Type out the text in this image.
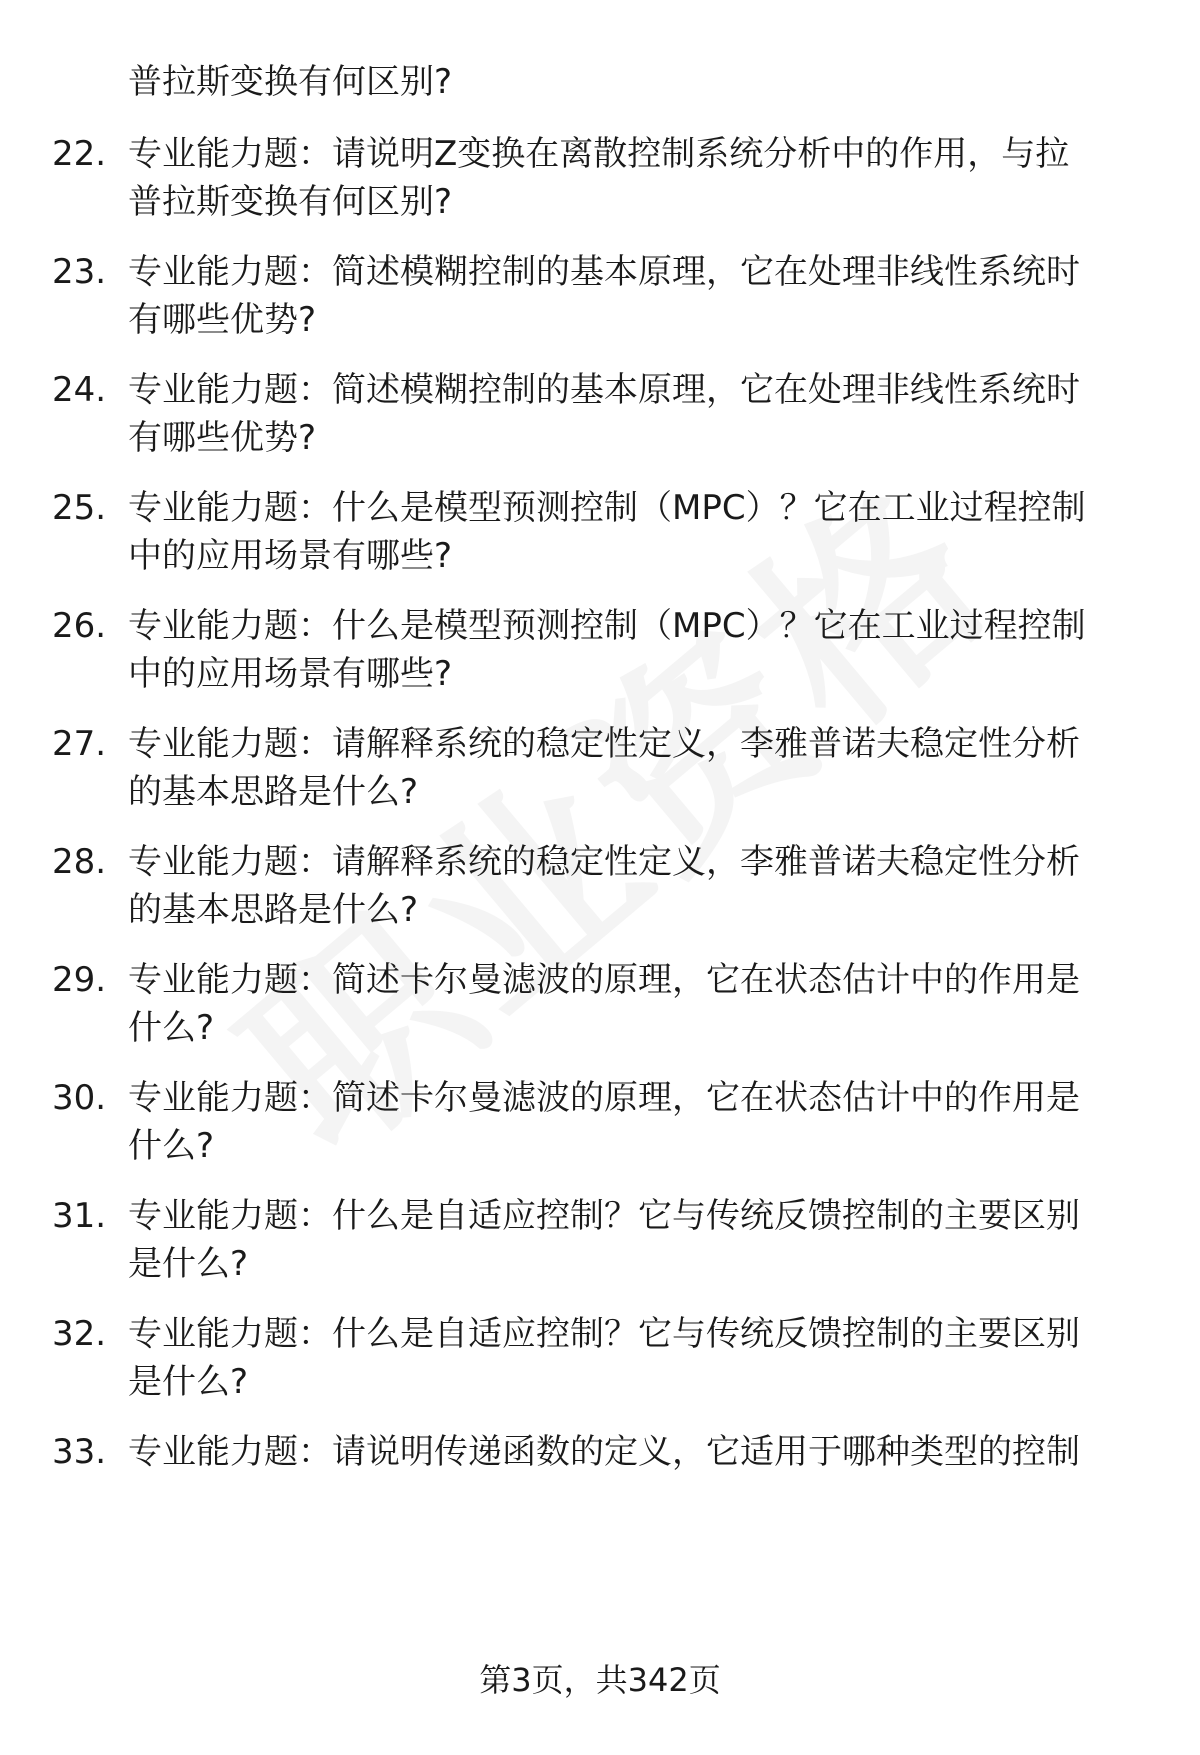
普拉斯变换有何区别?
22. 专业能力题：请说明Z变换在离散控制系统分析中的作用，与拉
普拉斯变换有何区别?
23. 专业能力题：简述模糊控制的基本原理，它在处理非线性系统时
有哪些优势?
24. 专业能力题：简述模糊控制的基本原理，它在处理非线性系统时
有哪些优势?
25. 专业能力题：什么是模型预测控制（MPC）？它在工业过程控制
中的应用场景有哪些?
26. 专业能力题：什么是模型预测控制（MPC）？它在工业过程控制
中的应用场景有哪些?
27. 专业能力题：请解释系统的稳定性定义，李雅普诺夫稳定性分析
的基本思路是什么?
28. 专业能力题：请解释系统的稳定性定义，李雅普诺夫稳定性分析
的基本思路是什么?
29. 专业能力题：简述卡尔曼滤波的原理，它在状态估计中的作用是
什么?
30. 专业能力题：简述卡尔曼滤波的原理，它在状态估计中的作用是
什么?
31. 专业能力题：什么是自适应控制？它与传统反馈控制的主要区别
是什么?
32. 专业能力题：什么是自适应控制？它与传统反馈控制的主要区别
是什么?
33. 专业能力题：请说明传递函数的定义，它适用于哪种类型的控制
第3页，共342页
